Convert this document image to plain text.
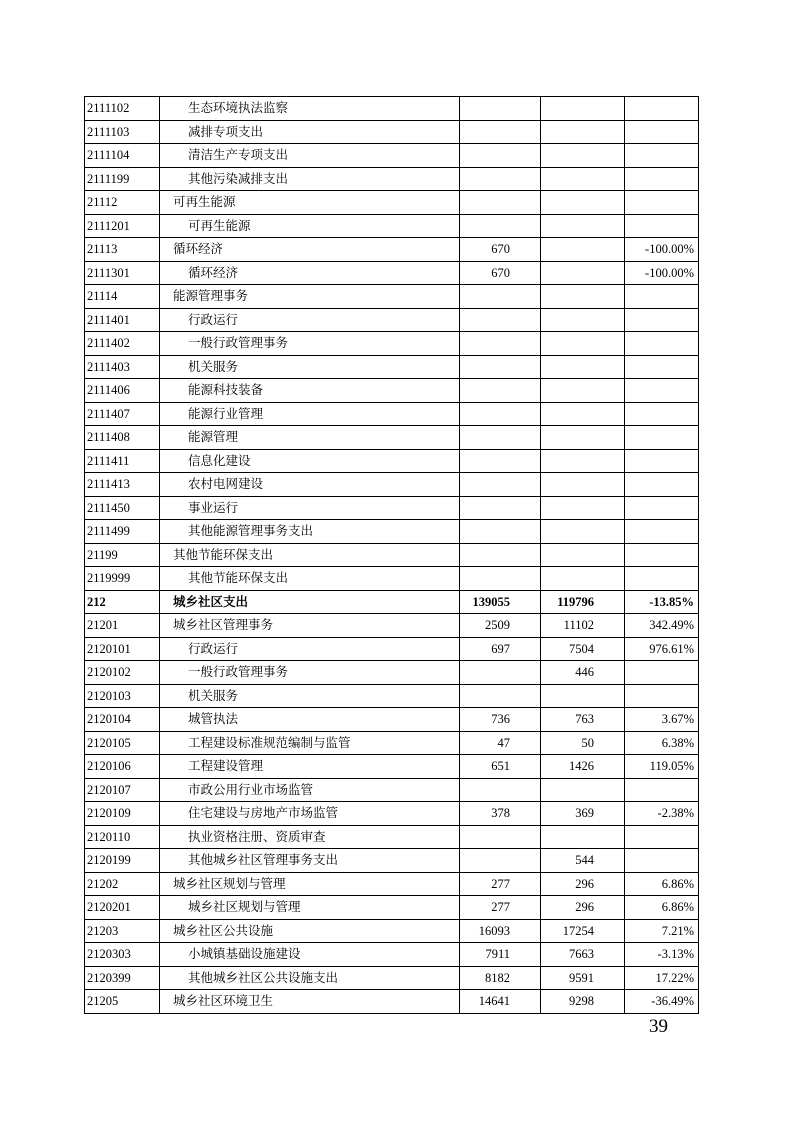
2111102	生态环境执法监察			
2111103	减排专项支出			
2111104	清洁生产专项支出			
2111199	其他污染减排支出			
21112	可再生能源			
2111201	可再生能源			
21113	循环经济	670		-100.00%
2111301	循环经济	670		-100.00%
21114	能源管理事务			
2111401	行政运行			
2111402	一般行政管理事务			
2111403	机关服务			
2111406	能源科技装备			
2111407	能源行业管理			
2111408	能源管理			
2111411	信息化建设			
2111413	农村电网建设			
2111450	事业运行			
2111499	其他能源管理事务支出			
21199	其他节能环保支出			
2119999	其他节能环保支出			
212	城乡社区支出	139055	119796	-13.85%
21201	城乡社区管理事务	2509	11102	342.49%
2120101	行政运行	697	7504	976.61%
2120102	一般行政管理事务		446	
2120103	机关服务			
2120104	城管执法	736	763	3.67%
2120105	工程建设标准规范编制与监管	47	50	6.38%
2120106	工程建设管理	651	1426	119.05%
2120107	市政公用行业市场监管			
2120109	住宅建设与房地产市场监管	378	369	-2.38%
2120110	执业资格注册、资质审查			
2120199	其他城乡社区管理事务支出		544	
21202	城乡社区规划与管理	277	296	6.86%
2120201	城乡社区规划与管理	277	296	6.86%
21203	城乡社区公共设施	16093	17254	7.21%
2120303	小城镇基础设施建设	7911	7663	-3.13%
2120399	其他城乡社区公共设施支出	8182	9591	17.22%
21205	城乡社区环境卫生	14641	9298	-36.49%
39
